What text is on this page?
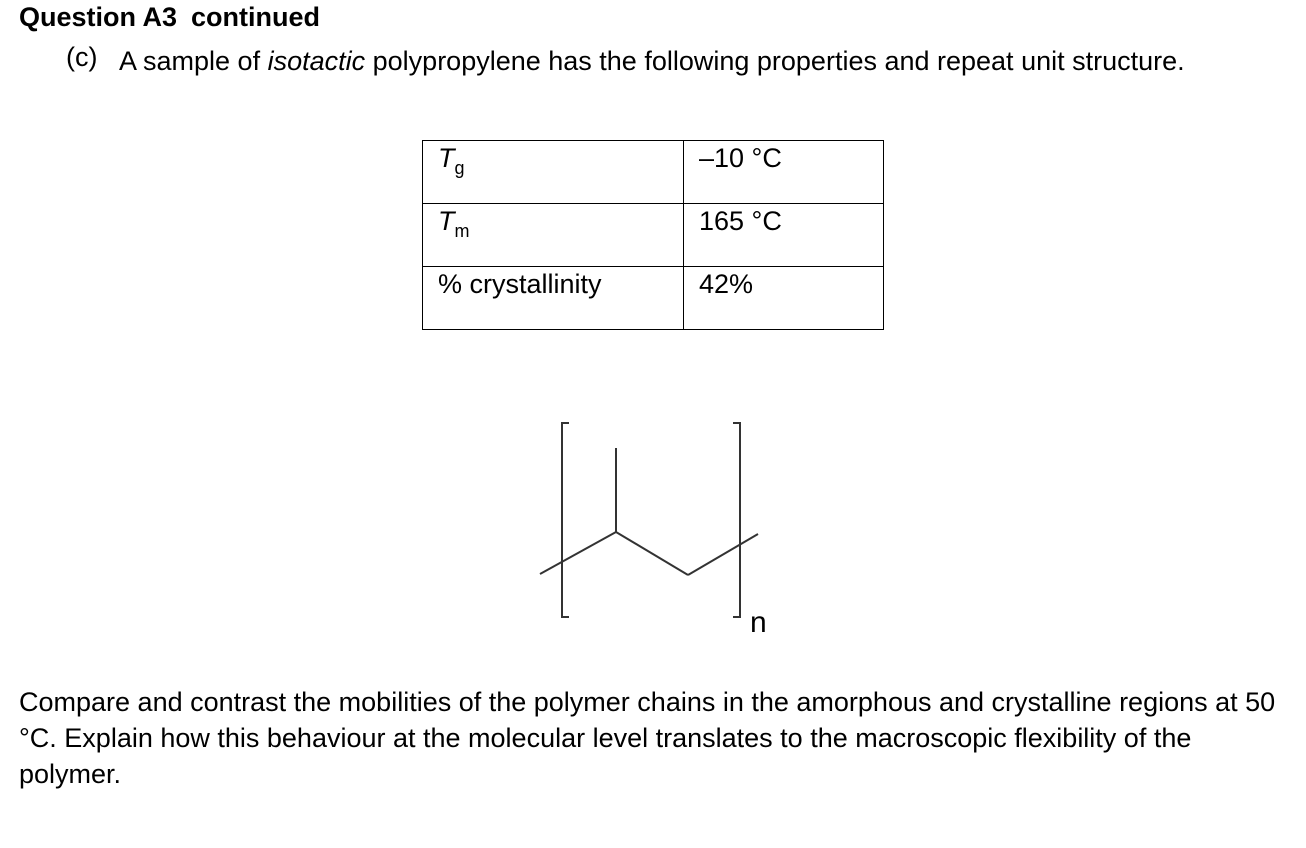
Question A3 continued
(c) A sample of isotactic polypropylene has the following properties and repeat unit structure.
$T_g$	–10 °C
$T_m$	165 °C
% crystallinity	42%
n
Compare and contrast the mobilities of the polymer chains in the amorphous and crystalline regions at 50 °C. Explain how this behaviour at the molecular level translates to the macroscopic flexibility of the polymer.
